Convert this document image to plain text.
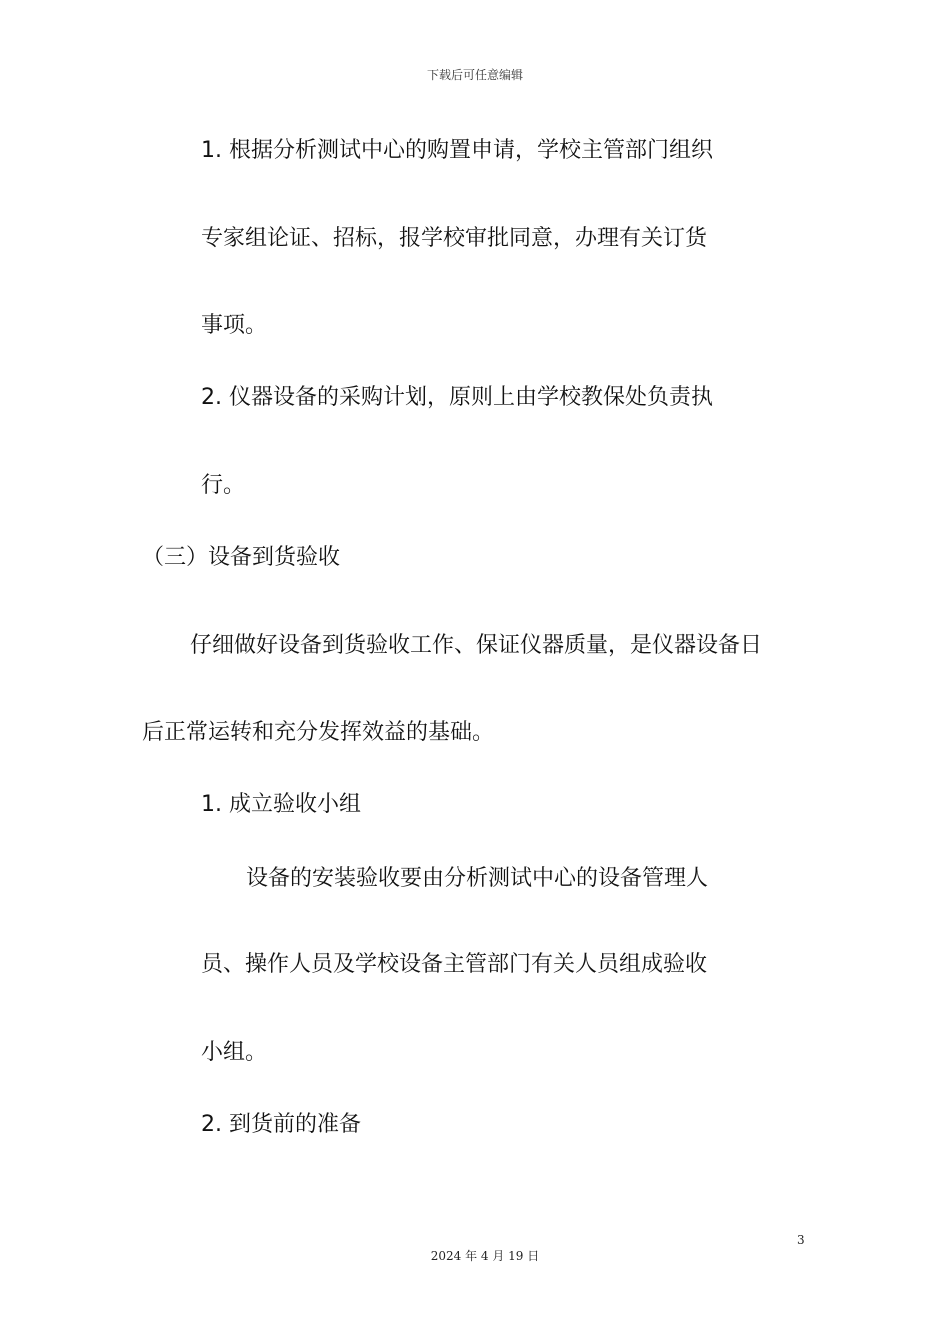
下载后可任意编辑
1. 根据分析测试中心的购置申请，学校主管部门组织
专家组论证、招标，报学校审批同意，办理有关订货
事项。
2. 仪器设备的采购计划，原则上由学校教保处负责执
行。
（三）设备到货验收
仔细做好设备到货验收工作、保证仪器质量，是仪器设备日
后正常运转和充分发挥效益的基础。
1. 成立验收小组
设备的安装验收要由分析测试中心的设备管理人
员、操作人员及学校设备主管部门有关人员组成验收
小组。
2. 到货前的准备
3
2024 年 4 月 19 日
